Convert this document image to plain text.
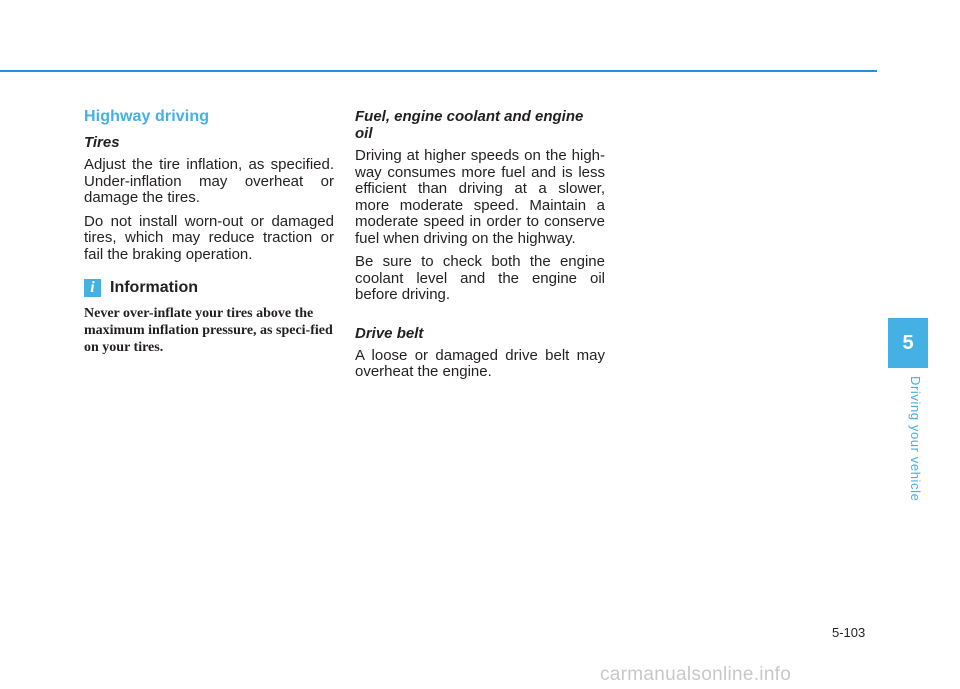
Highway driving
Tires

Adjust the tire inflation, as specified. Under-inflation may overheat or damage the tires.

Do not install worn-out or damaged tires, which may reduce traction or fail the braking operation.

i Information

Never over-inflate your tires above the maximum inflation pressure, as speci-fied on your tires.

Fuel, engine coolant and engine oil

Driving at higher speeds on the high-way consumes more fuel and is less efficient than driving at a slower, more moderate speed. Maintain a moderate speed in order to conserve fuel when driving on the highway.

Be sure to check both the engine coolant level and the engine oil before driving.

Drive belt

A loose or damaged drive belt may overheat the engine.

5
Driving your vehicle
5-103
carmanualsonline.info
